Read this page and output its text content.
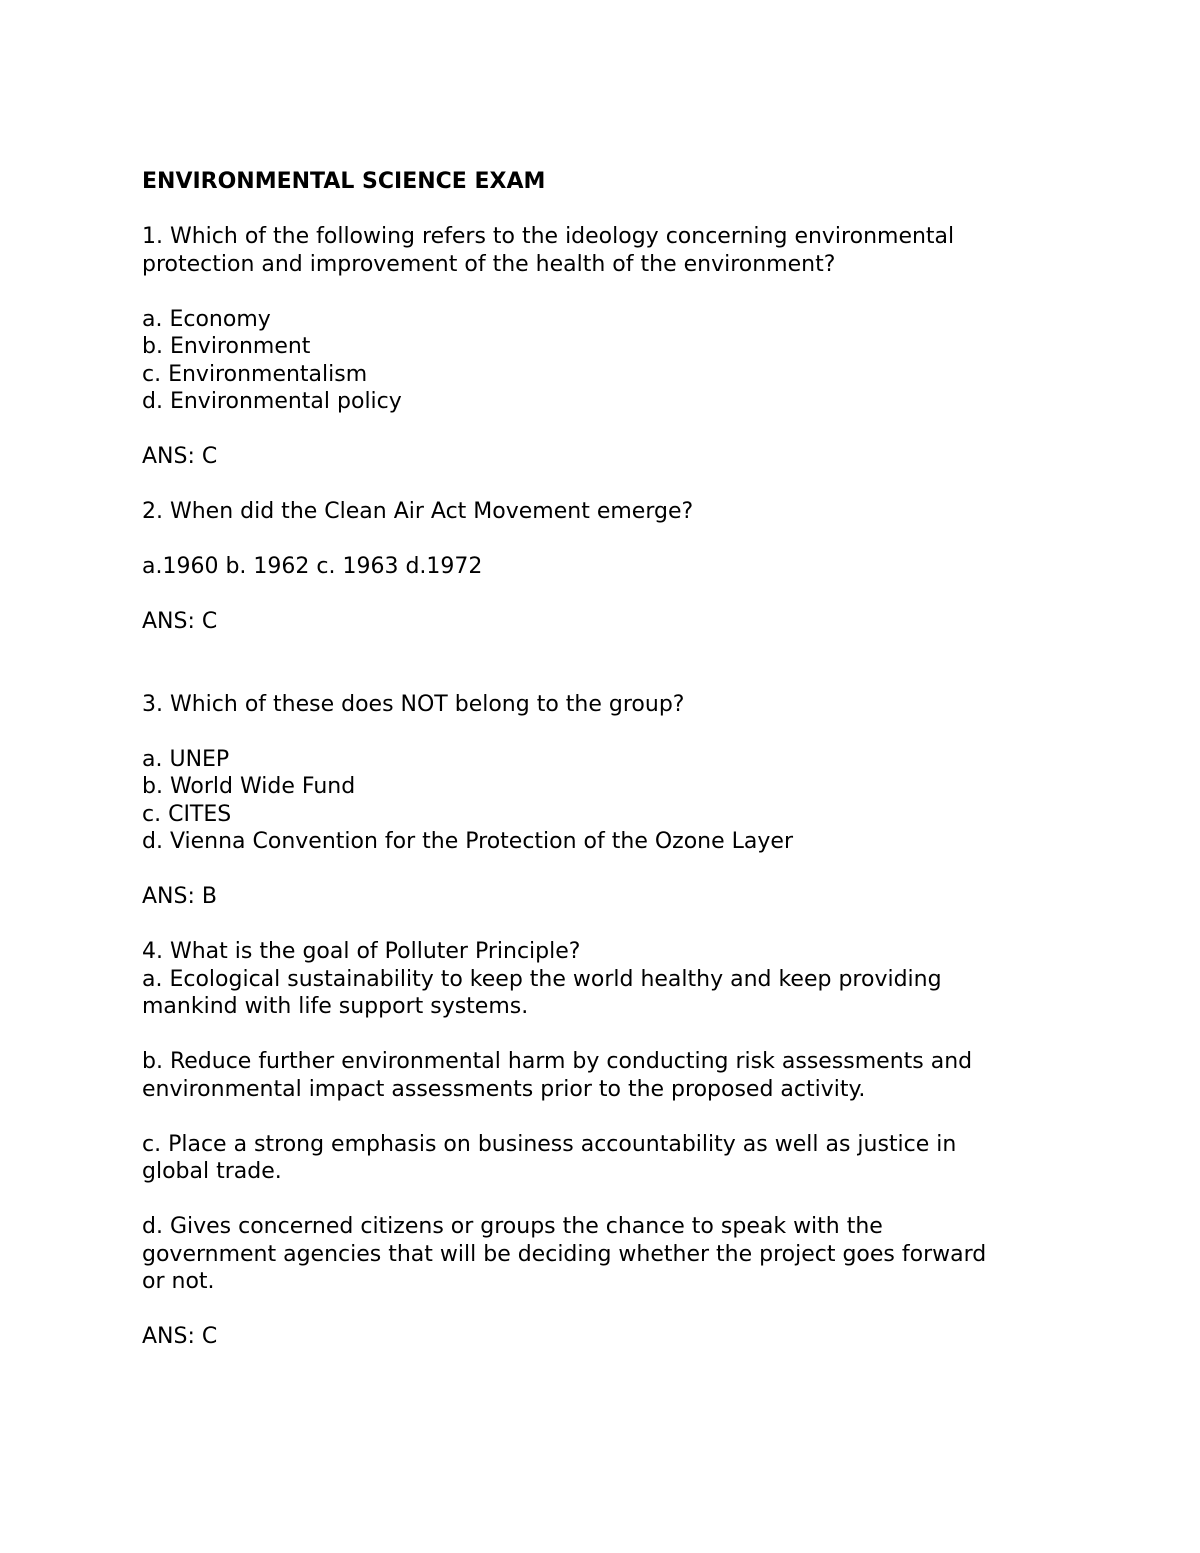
ENVIRONMENTAL SCIENCE EXAM

1. Which of the following refers to the ideology concerning environmental

protection and improvement of the health of the environment?

a. Economy

b. Environment

c. Environmentalism

d. Environmental policy

ANS: C

2. When did the Clean Air Act Movement emerge?

a.1960 b. 1962 c. 1963 d.1972

ANS: C

3. Which of these does NOT belong to the group?

a. UNEP

b. World Wide Fund

c. CITES

d. Vienna Convention for the Protection of the Ozone Layer

ANS: B

4. What is the goal of Polluter Principle?

a. Ecological sustainability to keep the world healthy and keep providing

mankind with life support systems.

b. Reduce further environmental harm by conducting risk assessments and

environmental impact assessments prior to the proposed activity.

c. Place a strong emphasis on business accountability as well as justice in

global trade.

d. Gives concerned citizens or groups the chance to speak with the

government agencies that will be deciding whether the project goes forward

or not.

ANS: C
